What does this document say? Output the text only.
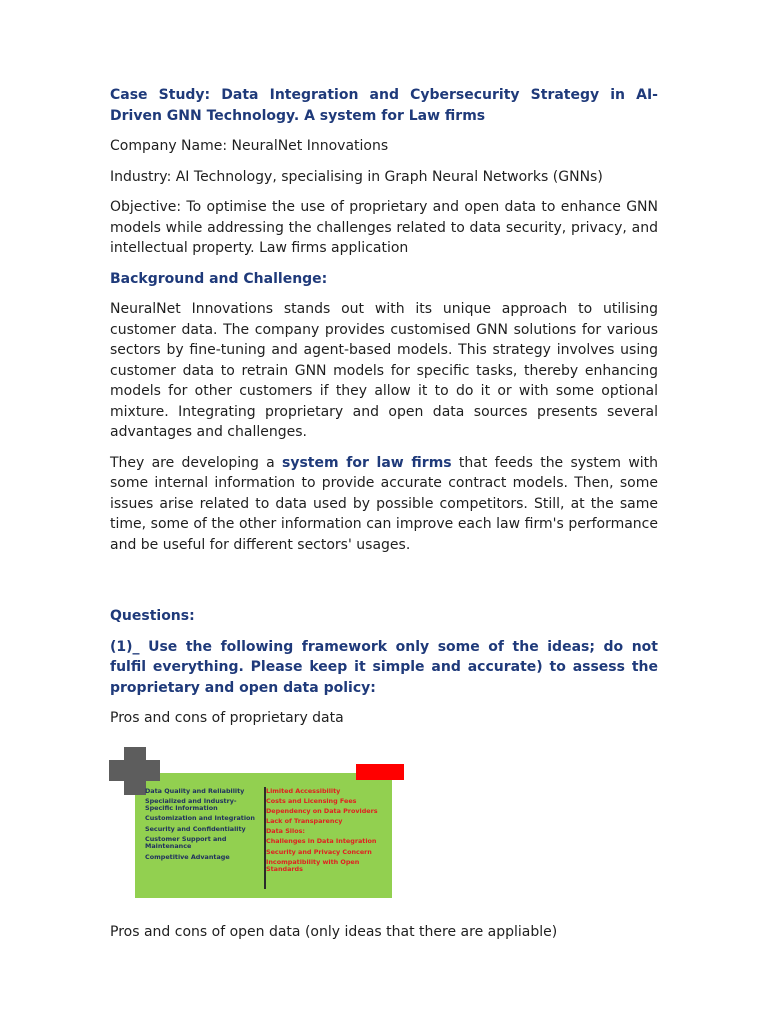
Case Study: Data Integration and Cybersecurity Strategy in AI-Driven GNN Technology. A system for Law firms

Company Name: NeuralNet Innovations

Industry: AI Technology, specialising in Graph Neural Networks (GNNs)

Objective: To optimise the use of proprietary and open data to enhance GNN models while addressing the challenges related to data security, privacy, and intellectual property. Law firms application

Background and Challenge:

NeuralNet Innovations stands out with its unique approach to utilising customer data. The company provides customised GNN solutions for various sectors by fine-tuning and agent-based models. This strategy involves using customer data to retrain GNN models for specific tasks, thereby enhancing models for other customers if they allow it to do it or with some optional mixture. Integrating proprietary and open data sources presents several advantages and challenges.

They are developing a system for law firms that feeds the system with some internal information to provide accurate contract models. Then, some issues arise related to data used by possible competitors. Still, at the same time, some of the other information can improve each law firm's performance and be useful for different sectors' usages.

Questions:

(1)_ Use the following framework only some of the ideas; do not fulfil everything. Please keep it simple and accurate) to assess the proprietary and open data policy:

Pros and cons of proprietary data

Data Quality and Reliability
Specialized and Industry-Specific Information
Customization and Integration
Security and Confidentiality
Customer Support and Maintenance
Competitive Advantage
Limited Accessibility
Costs and Licensing Fees
Dependency on Data Providers
Lack of Transparency
Data Silos:
Challenges in Data Integration
Security and Privacy Concern
Incompatibility with Open Standards

Pros and cons of open data (only ideas that there are appliable)
